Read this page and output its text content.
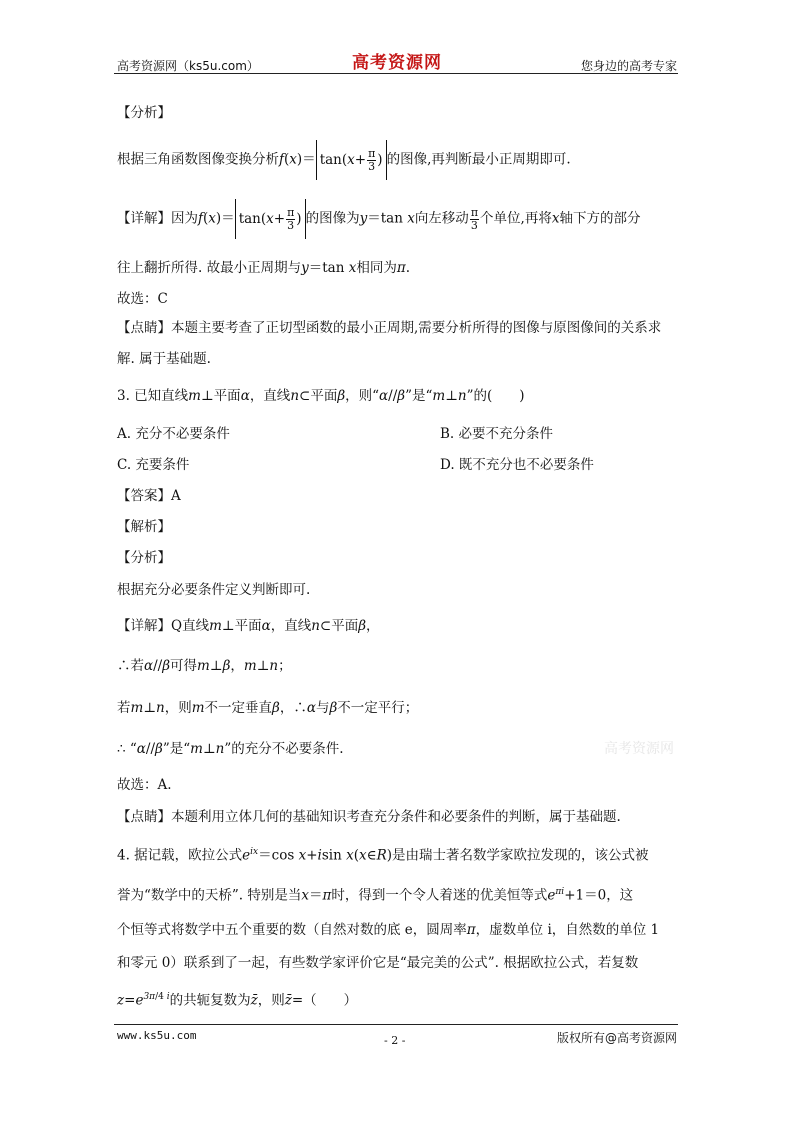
高考资源网（ks5u.com）	高考资源网	您身边的高考专家
【分析】
根据三角函数图像变换分析$f(x)= \tan(x+ \frac{\pi}{3}$ ) 的图像,再判断最小正周期即可.
【详解】因为$f(x)= \tan(x+ \frac{\pi}{3}$ ) 的图像为y＝tan x向左移动 $\frac{\pi}{3}$ 个单位,再将x轴下方的部分
往上翻折所得. 故最小正周期与y＝tan x相同为π.
故选：C
【点睛】本题主要考查了正切型函数的最小正周期,需要分析所得的图像与原图像间的关系求
解. 属于基础题.
3. 已知直线m⊥平面α，直线n⊂平面β，则“α//β”是“m⊥n”的(　　)
A. 充分不必要条件	B. 必要不充分条件
C. 充要条件	D. 既不充分也不必要条件
【答案】A
【解析】
【分析】
根据充分必要条件定义判断即可.
【详解】Q直线m⊥平面α，直线n⊂平面β，
∴若α//β可得m⊥β，m⊥n；
若m⊥n，则m不一定垂直β，∴α与β不一定平行；
∴ “α//β”是“m⊥n”的充分不必要条件.	高考资源网
故选：A.
【点睛】本题利用立体几何的基础知识考查充分条件和必要条件的判断，属于基础题.
4. 据记载，欧拉公式$e^{ix}=\cos$ x+isin x(x∈R)是由瑞士著名数学家欧拉发现的，该公式被
誉为“数学中的天桥”. 特别是当x＝π时，得到一个令人着迷的优美恒等式$e^{\pi i}+1=0$，这
个恒等式将数学中五个重要的数（自然对数的底 e，圆周率π，虚数单位 i，自然数的单位 1
和零元 0）联系到了一起，有些数学家评价它是“最完美的公式”. 根据欧拉公式，若复数
$z=e^{3\pi/4 i}$的共轭复数为z̄，则z̄=（　　）
www.ks5u.com	- 2 -	版权所有@高考资源网
